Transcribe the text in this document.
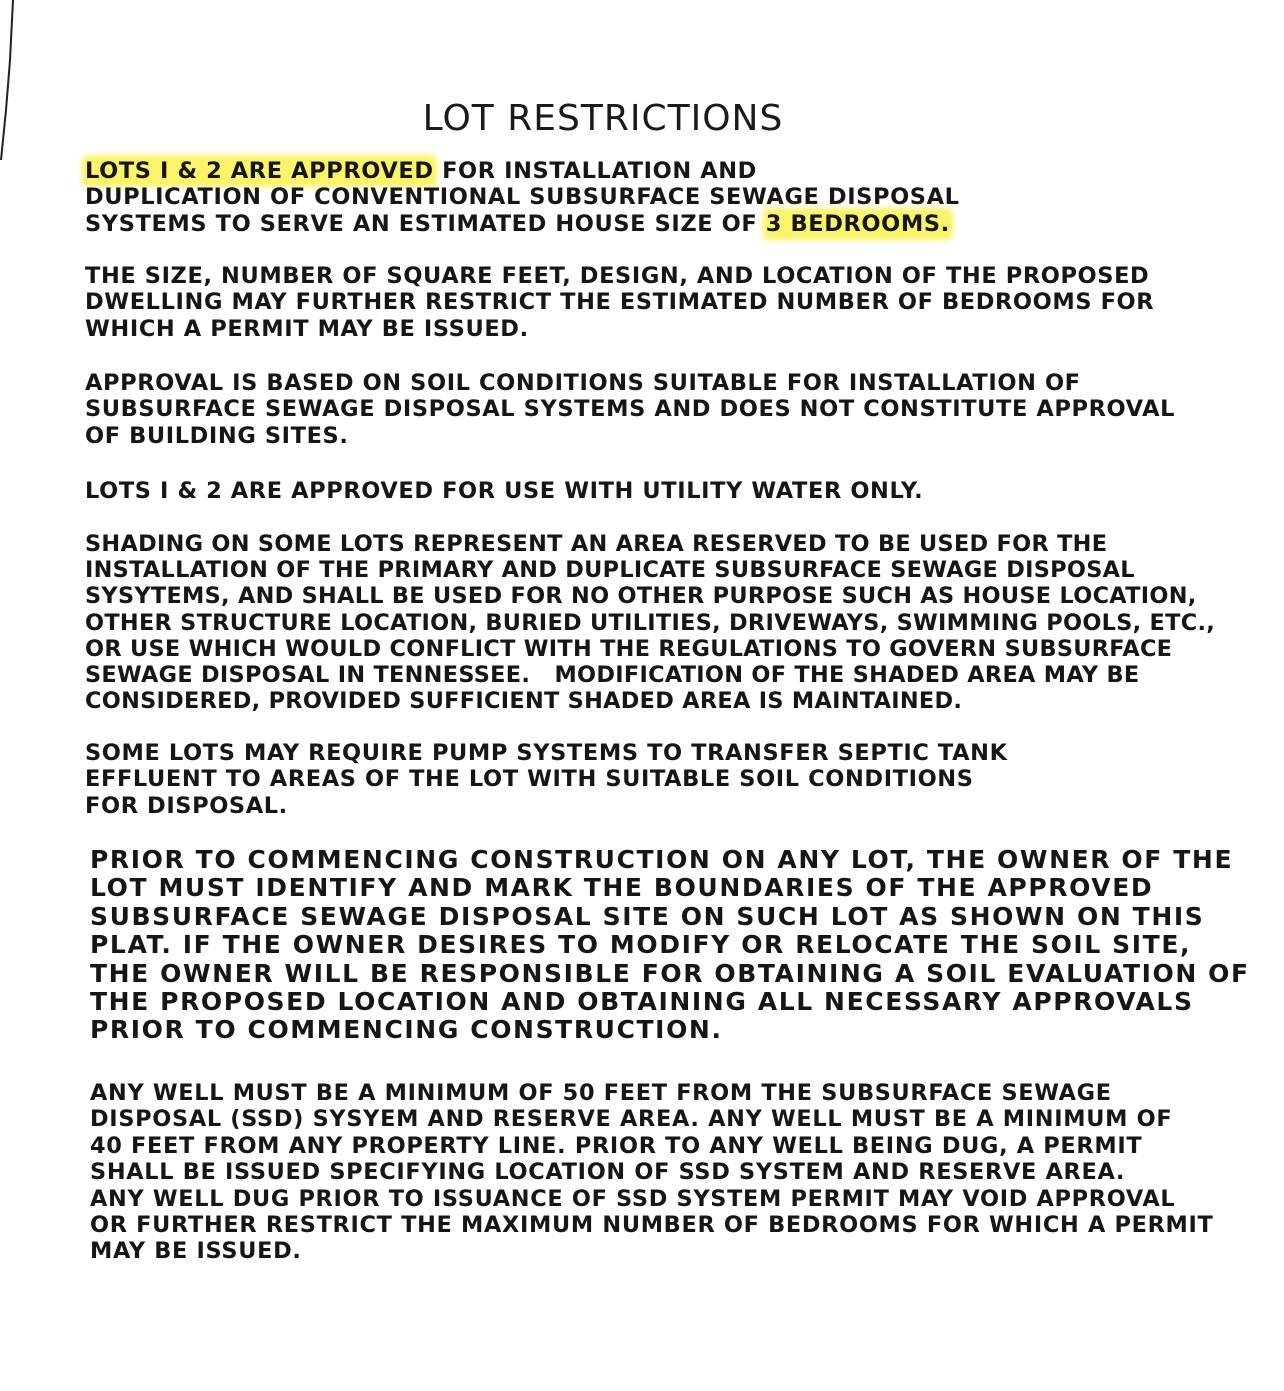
LOT RESTRICTIONS
LOTS I & 2 ARE APPROVED FOR INSTALLATION AND
DUPLICATION OF CONVENTIONAL SUBSURFACE SEWAGE DISPOSAL
SYSTEMS TO SERVE AN ESTIMATED HOUSE SIZE OF 3 BEDROOMS.
THE SIZE, NUMBER OF SQUARE FEET, DESIGN, AND LOCATION OF THE PROPOSED
DWELLING MAY FURTHER RESTRICT THE ESTIMATED NUMBER OF BEDROOMS FOR
WHICH A PERMIT MAY BE ISSUED.
APPROVAL IS BASED ON SOIL CONDITIONS SUITABLE FOR INSTALLATION OF
SUBSURFACE SEWAGE DISPOSAL SYSTEMS AND DOES NOT CONSTITUTE APPROVAL
OF BUILDING SITES.
LOTS I & 2 ARE APPROVED FOR USE WITH UTILITY WATER ONLY.
SHADING ON SOME LOTS REPRESENT AN AREA RESERVED TO BE USED FOR THE
INSTALLATION OF THE PRIMARY AND DUPLICATE SUBSURFACE SEWAGE DISPOSAL
SYSYTEMS, AND SHALL BE USED FOR NO OTHER PURPOSE SUCH AS HOUSE LOCATION,
OTHER STRUCTURE LOCATION, BURIED UTILITIES, DRIVEWAYS, SWIMMING POOLS, ETC.,
OR USE WHICH WOULD CONFLICT WITH THE REGULATIONS TO GOVERN SUBSURFACE
SEWAGE DISPOSAL IN TENNESSEE.   MODIFICATION OF THE SHADED AREA MAY BE
CONSIDERED, PROVIDED SUFFICIENT SHADED AREA IS MAINTAINED.
SOME LOTS MAY REQUIRE PUMP SYSTEMS TO TRANSFER SEPTIC TANK
EFFLUENT TO AREAS OF THE LOT WITH SUITABLE SOIL CONDITIONS
FOR DISPOSAL.
PRIOR TO COMMENCING CONSTRUCTION ON ANY LOT, THE OWNER OF THE
LOT MUST IDENTIFY AND MARK THE BOUNDARIES OF THE APPROVED
SUBSURFACE SEWAGE DISPOSAL SITE ON SUCH LOT AS SHOWN ON THIS
PLAT. IF THE OWNER DESIRES TO MODIFY OR RELOCATE THE SOIL SITE,
THE OWNER WILL BE RESPONSIBLE FOR OBTAINING A SOIL EVALUATION OF
THE PROPOSED LOCATION AND OBTAINING ALL NECESSARY APPROVALS
PRIOR TO COMMENCING CONSTRUCTION.
ANY WELL MUST BE A MINIMUM OF 50 FEET FROM THE SUBSURFACE SEWAGE
DISPOSAL (SSD) SYSYEM AND RESERVE AREA. ANY WELL MUST BE A MINIMUM OF
40 FEET FROM ANY PROPERTY LINE. PRIOR TO ANY WELL BEING DUG, A PERMIT
SHALL BE ISSUED SPECIFYING LOCATION OF SSD SYSTEM AND RESERVE AREA.
ANY WELL DUG PRIOR TO ISSUANCE OF SSD SYSTEM PERMIT MAY VOID APPROVAL
OR FURTHER RESTRICT THE MAXIMUM NUMBER OF BEDROOMS FOR WHICH A PERMIT
MAY BE ISSUED.
